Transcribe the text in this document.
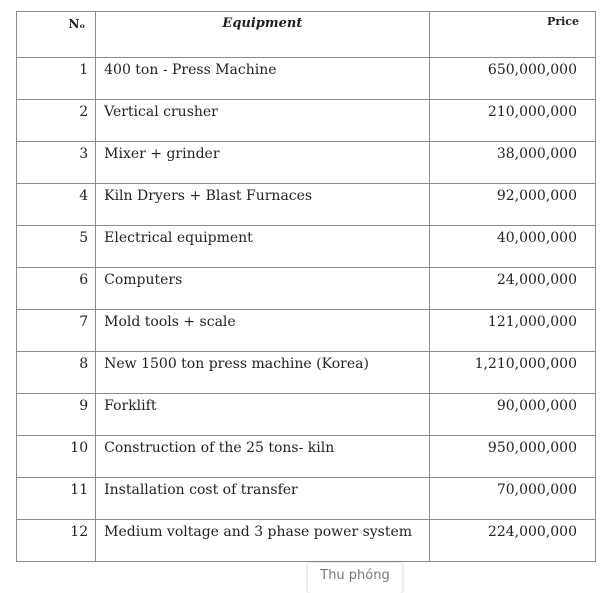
Nₒ	Equipment	Price
1	400 ton - Press Machine	650,000,000
2	Vertical crusher	210,000,000
3	Mixer + grinder	38,000,000
4	Kiln Dryers + Blast Furnaces	92,000,000
5	Electrical equipment	40,000,000
6	Computers	24,000,000
7	Mold tools + scale	121,000,000
8	New 1500 ton press machine (Korea)	1,210,000,000
9	Forklift	90,000,000
10	Construction of the 25 tons- kiln	950,000,000
11	Installation cost of transfer	70,000,000
12	Medium voltage and 3 phase power system	224,000,000
Thu phóng
